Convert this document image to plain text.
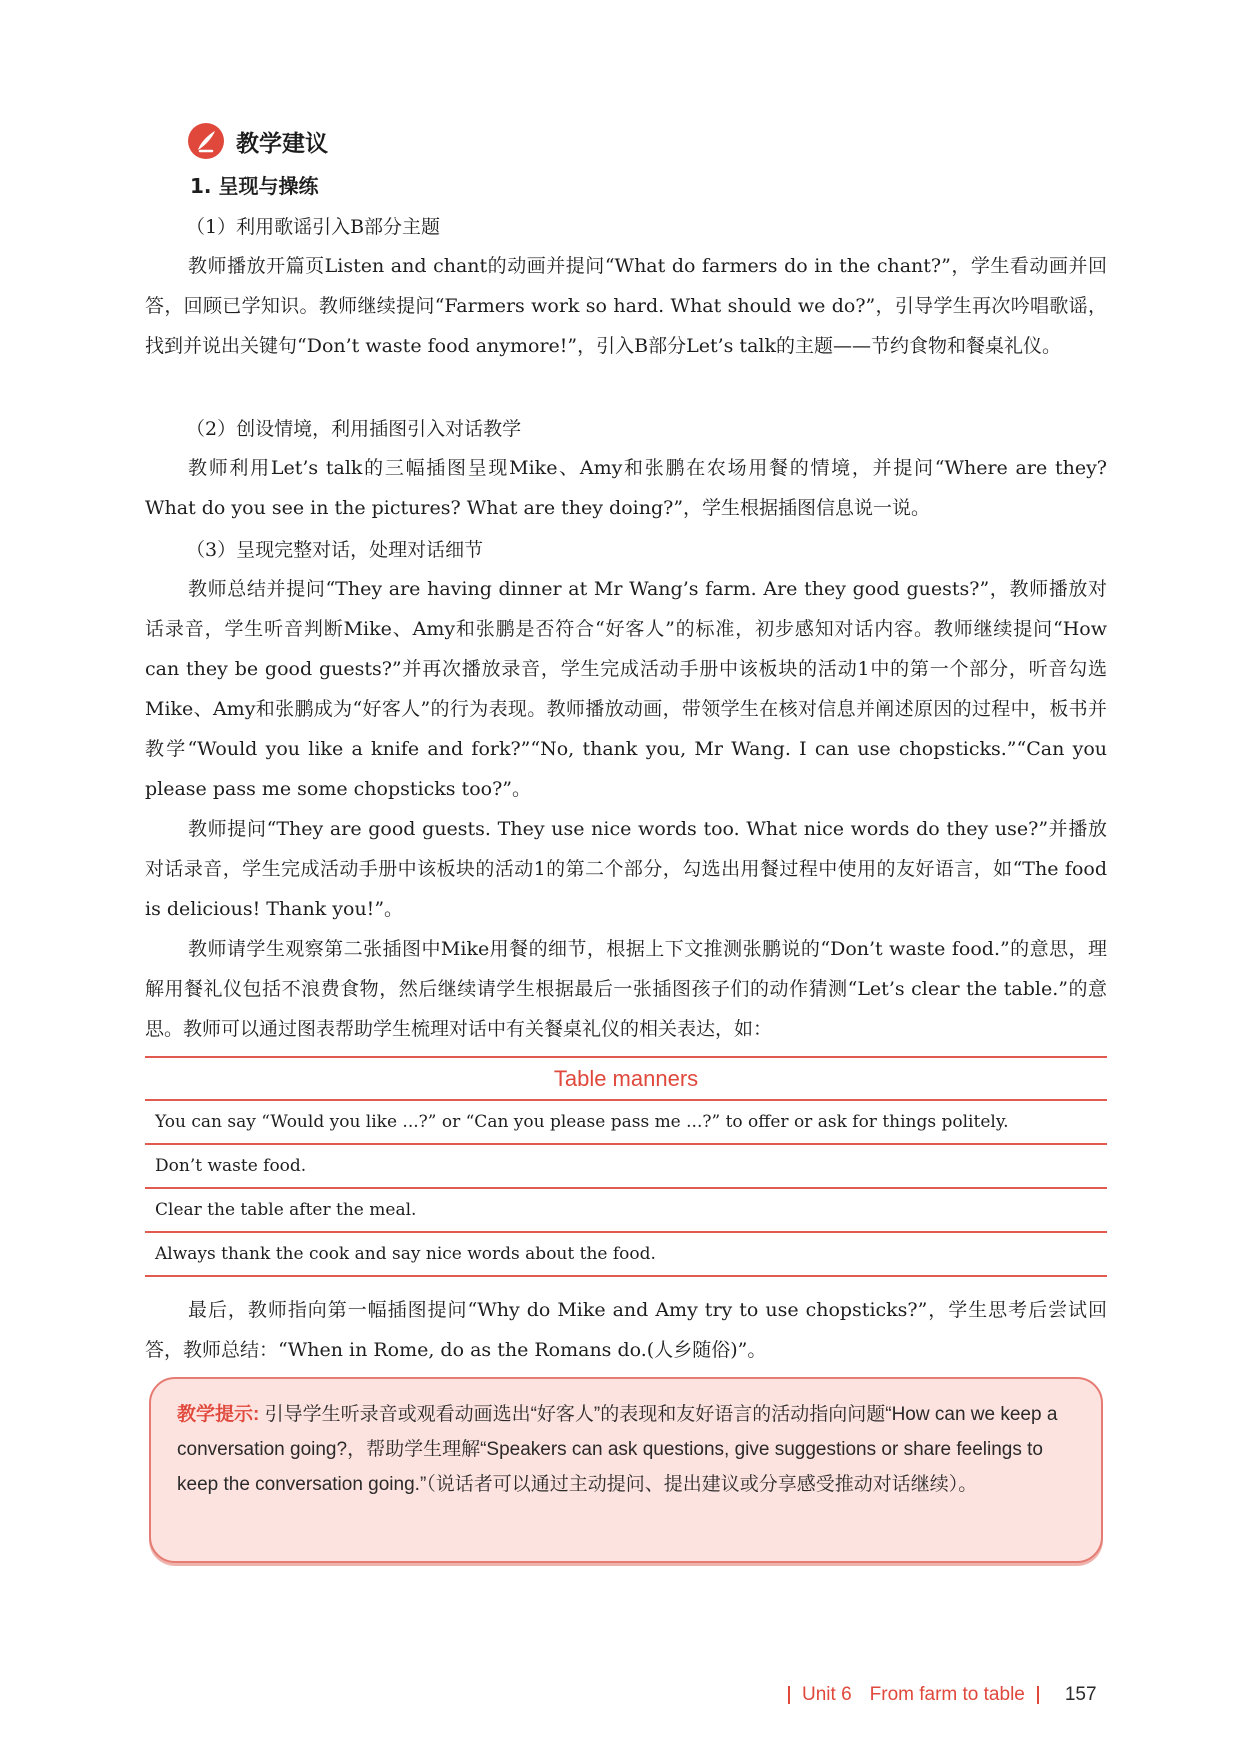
教学建议
1. 呈现与操练
（1）利用歌谣引入B部分主题

教师播放开篇页Listen and chant的动画并提问“What do farmers do in the chant?”，学生看动画并回答，回顾已学知识。教师继续提问“Farmers work so hard. What should we do?”，引导学生再次吟唱歌谣，找到并说出关键句“Don’t waste food anymore!”，引入B部分Let’s talk的主题——节约食物和餐桌礼仪。

（2）创设情境，利用插图引入对话教学

教师利用Let’s talk的三幅插图呈现Mike、Amy和张鹏在农场用餐的情境，并提问“Where are they? What do you see in the pictures? What are they doing?”，学生根据插图信息说一说。

（3）呈现完整对话，处理对话细节

教师总结并提问“They are having dinner at Mr Wang’s farm. Are they good guests?”，教师播放对话录音，学生听音判断Mike、Amy和张鹏是否符合“好客人”的标准，初步感知对话内容。教师继续提问“How can they be good guests?”并再次播放录音，学生完成活动手册中该板块的活动1中的第一个部分，听音勾选Mike、Amy和张鹏成为“好客人”的行为表现。教师播放动画，带领学生在核对信息并阐述原因的过程中，板书并教学“Would you like a knife and fork?”“No, thank you, Mr Wang. I can use chopsticks.”“Can you please pass me some chopsticks too?”。

教师提问“They are good guests. They use nice words too. What nice words do they use?”并播放对话录音，学生完成活动手册中该板块的活动1的第二个部分，勾选出用餐过程中使用的友好语言，如“The food is delicious! Thank you!”。

教师请学生观察第二张插图中Mike用餐的细节，根据上下文推测张鹏说的“Don’t waste food.”的意思，理解用餐礼仪包括不浪费食物，然后继续请学生根据最后一张插图孩子们的动作猜测“Let’s clear the table.”的意思。教师可以通过图表帮助学生梳理对话中有关餐桌礼仪的相关表达，如：

Table manners
You can say “Would you like ...?” or “Can you please pass me ...?” to offer or ask for things politely.
Don’t waste food.
Clear the table after the meal.
Always thank the cook and say nice words about the food.

最后，教师指向第一幅插图提问“Why do Mike and Amy try to use chopsticks?”，学生思考后尝试回答，教师总结：“When in Rome, do as the Romans do.(人乡随俗)”。

教学提示: 引导学生听录音或观看动画选出“好客人”的表现和友好语言的活动指向问题“How can we keep a conversation going?，帮助学生理解“Speakers can ask questions, give suggestions or share feelings to keep the conversation going.”（说话者可以通过主动提问、提出建议或分享感受推动对话继续）。

Unit 6 From farm to table 157
